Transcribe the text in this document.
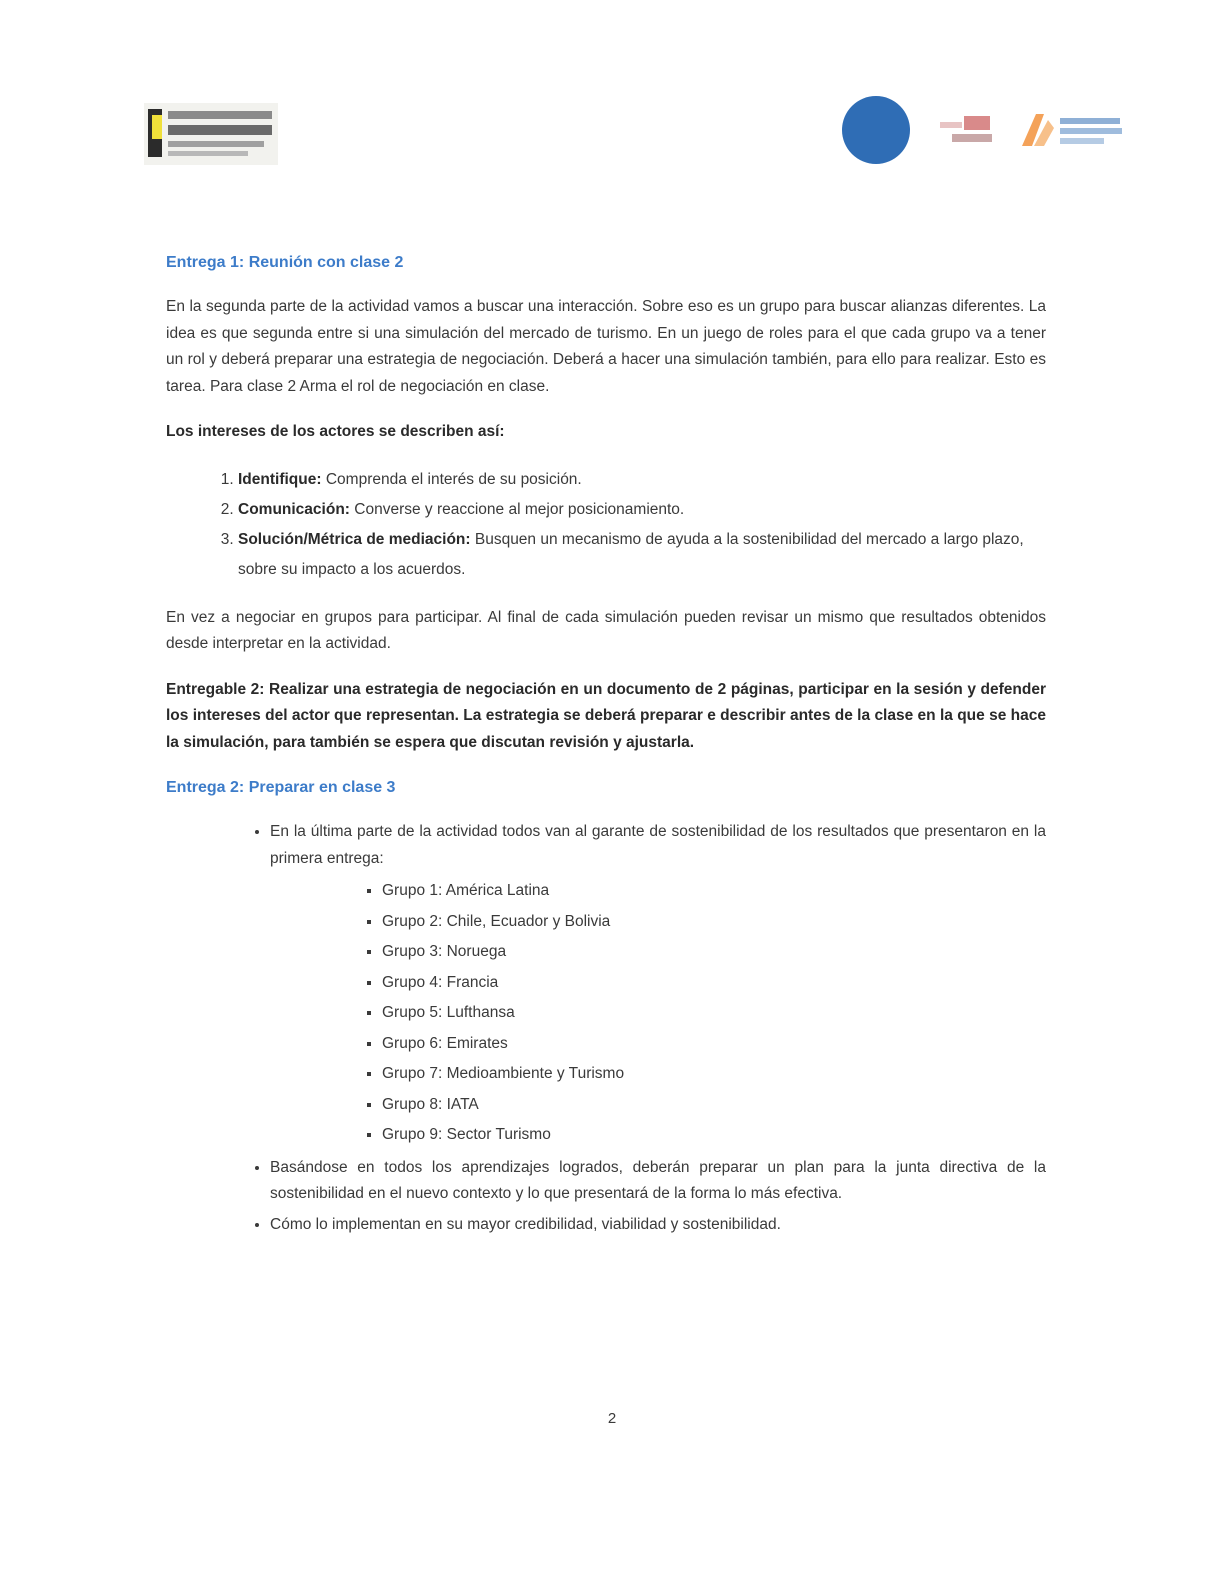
Entrega 1: Reunión con clase 2

En la segunda parte de la actividad vamos a buscar una interacción. Sobre eso es un grupo para buscar alianzas diferentes. La idea es que segunda entre si una simulación del mercado de turismo. En un juego de roles para el que cada grupo va a tener un rol y deberá preparar una estrategia de negociación. Deberá a hacer una simulación también, para ello para realizar. Esto es tarea. Para clase 2 Arma el rol de negociación en clase.

Los intereses de los actores se describen así:

1. Identifique: Comprenda el interés de su posición.
2. Comunicación: Converse y reaccione al mejor posicionamiento.
3. Solución/Métrica de mediación: Busquen un mecanismo de ayuda a la sostenibilidad del mercado a largo plazo, sobre su impacto a los acuerdos.

En vez a negociar en grupos para participar. Al final de cada simulación pueden revisar un mismo que resultados obtenidos desde interpretar en la actividad.

Entregable 2: Realizar una estrategia de negociación en un documento de 2 páginas, participar en la sesión y defender los intereses del actor que representan. La estrategia se deberá preparar e describir antes de la clase en la que se hace la simulación, para también se espera que discutan revisión y ajustarla.

Entrega 2: Preparar en clase 3
• En la última parte de la actividad todos van al garante de sostenibilidad de los resultados que presentaron en la primera entrega:
▪ Grupo 1: América Latina
▪ Grupo 2: Chile, Ecuador y Bolivia
▪ Grupo 3: Noruega
▪ Grupo 4: Francia
▪ Grupo 5: Lufthansa
▪ Grupo 6: Emirates
▪ Grupo 7: Medioambiente y Turismo
▪ Grupo 8: IATA
▪ Grupo 9: Sector Turismo
• Basándose en todos los aprendizajes logrados, deberán preparar un plan para la junta directiva de la sostenibilidad en el nuevo contexto y lo que presentará de la forma lo más efectiva.
• Cómo lo implementan en su mayor credibilidad, viabilidad y sostenibilidad.
2
